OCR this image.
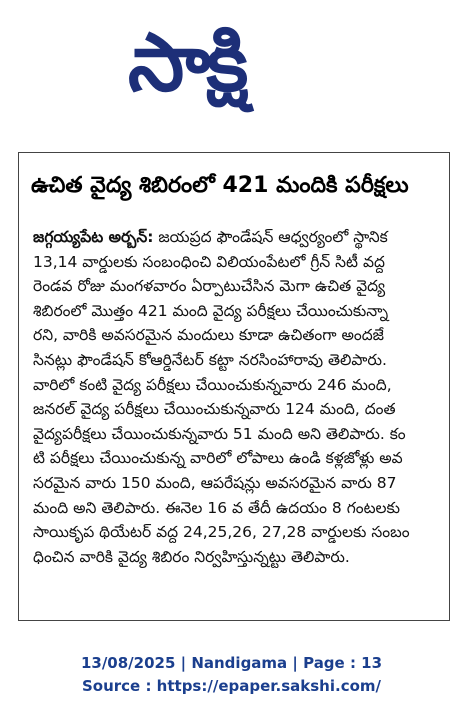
సాక్షి
ఉచిత వైద్య శిబిరంలో 421 మందికి పరీక్షలు
జగ్గయ్యపేట అర్బన్: జయప్రద ఫౌండేషన్ ఆధ్వర్యంలో స్థానిక
13,14 వార్డులకు సంబంధించి విలియంపేటలో గ్రీన్ సిటీ వద్ద
రెండవ రోజు మంగళవారం ఏర్పాటుచేసిన మెగా ఉచిత వైద్య
శిబిరంలో మొత్తం 421 మంది వైద్య పరీక్షలు చేయించుకున్నా
రని, వారికి అవసరమైన మందులు కూడా ఉచితంగా అందజే
సినట్లు ఫౌండేషన్ కోఆర్డినేటర్ కట్టా నరసింహారావు తెలిపారు.
వారిలో కంటి వైద్య పరీక్షలు చేయించుకున్నవారు 246 మంది,
జనరల్ వైద్య పరీక్షలు చేయించుకున్నవారు 124 మంది, దంత
వైద్యపరీక్షలు చేయించుకున్నవారు 51 మంది అని తెలిపారు. కం
టి పరీక్షలు చేయించుకున్న వారిలో లోపాలు ఉండి కళ్లజోళ్లు అవ
సరమైన వారు 150 మంది, ఆపరేషన్లు అవసరమైన వారు 87
మంది అని తెలిపారు. ఈనెల 16 వ తేదీ ఉదయం 8 గంటలకు
సాయికృప థియేటర్ వద్ద 24,25,26, 27,28 వార్డులకు సంబం
ధించిన వారికి వైద్య శిబిరం నిర్వహిస్తున్నట్టు తెలిపారు.
13/08/2025 | Nandigama | Page : 13
Source : https://epaper.sakshi.com/
